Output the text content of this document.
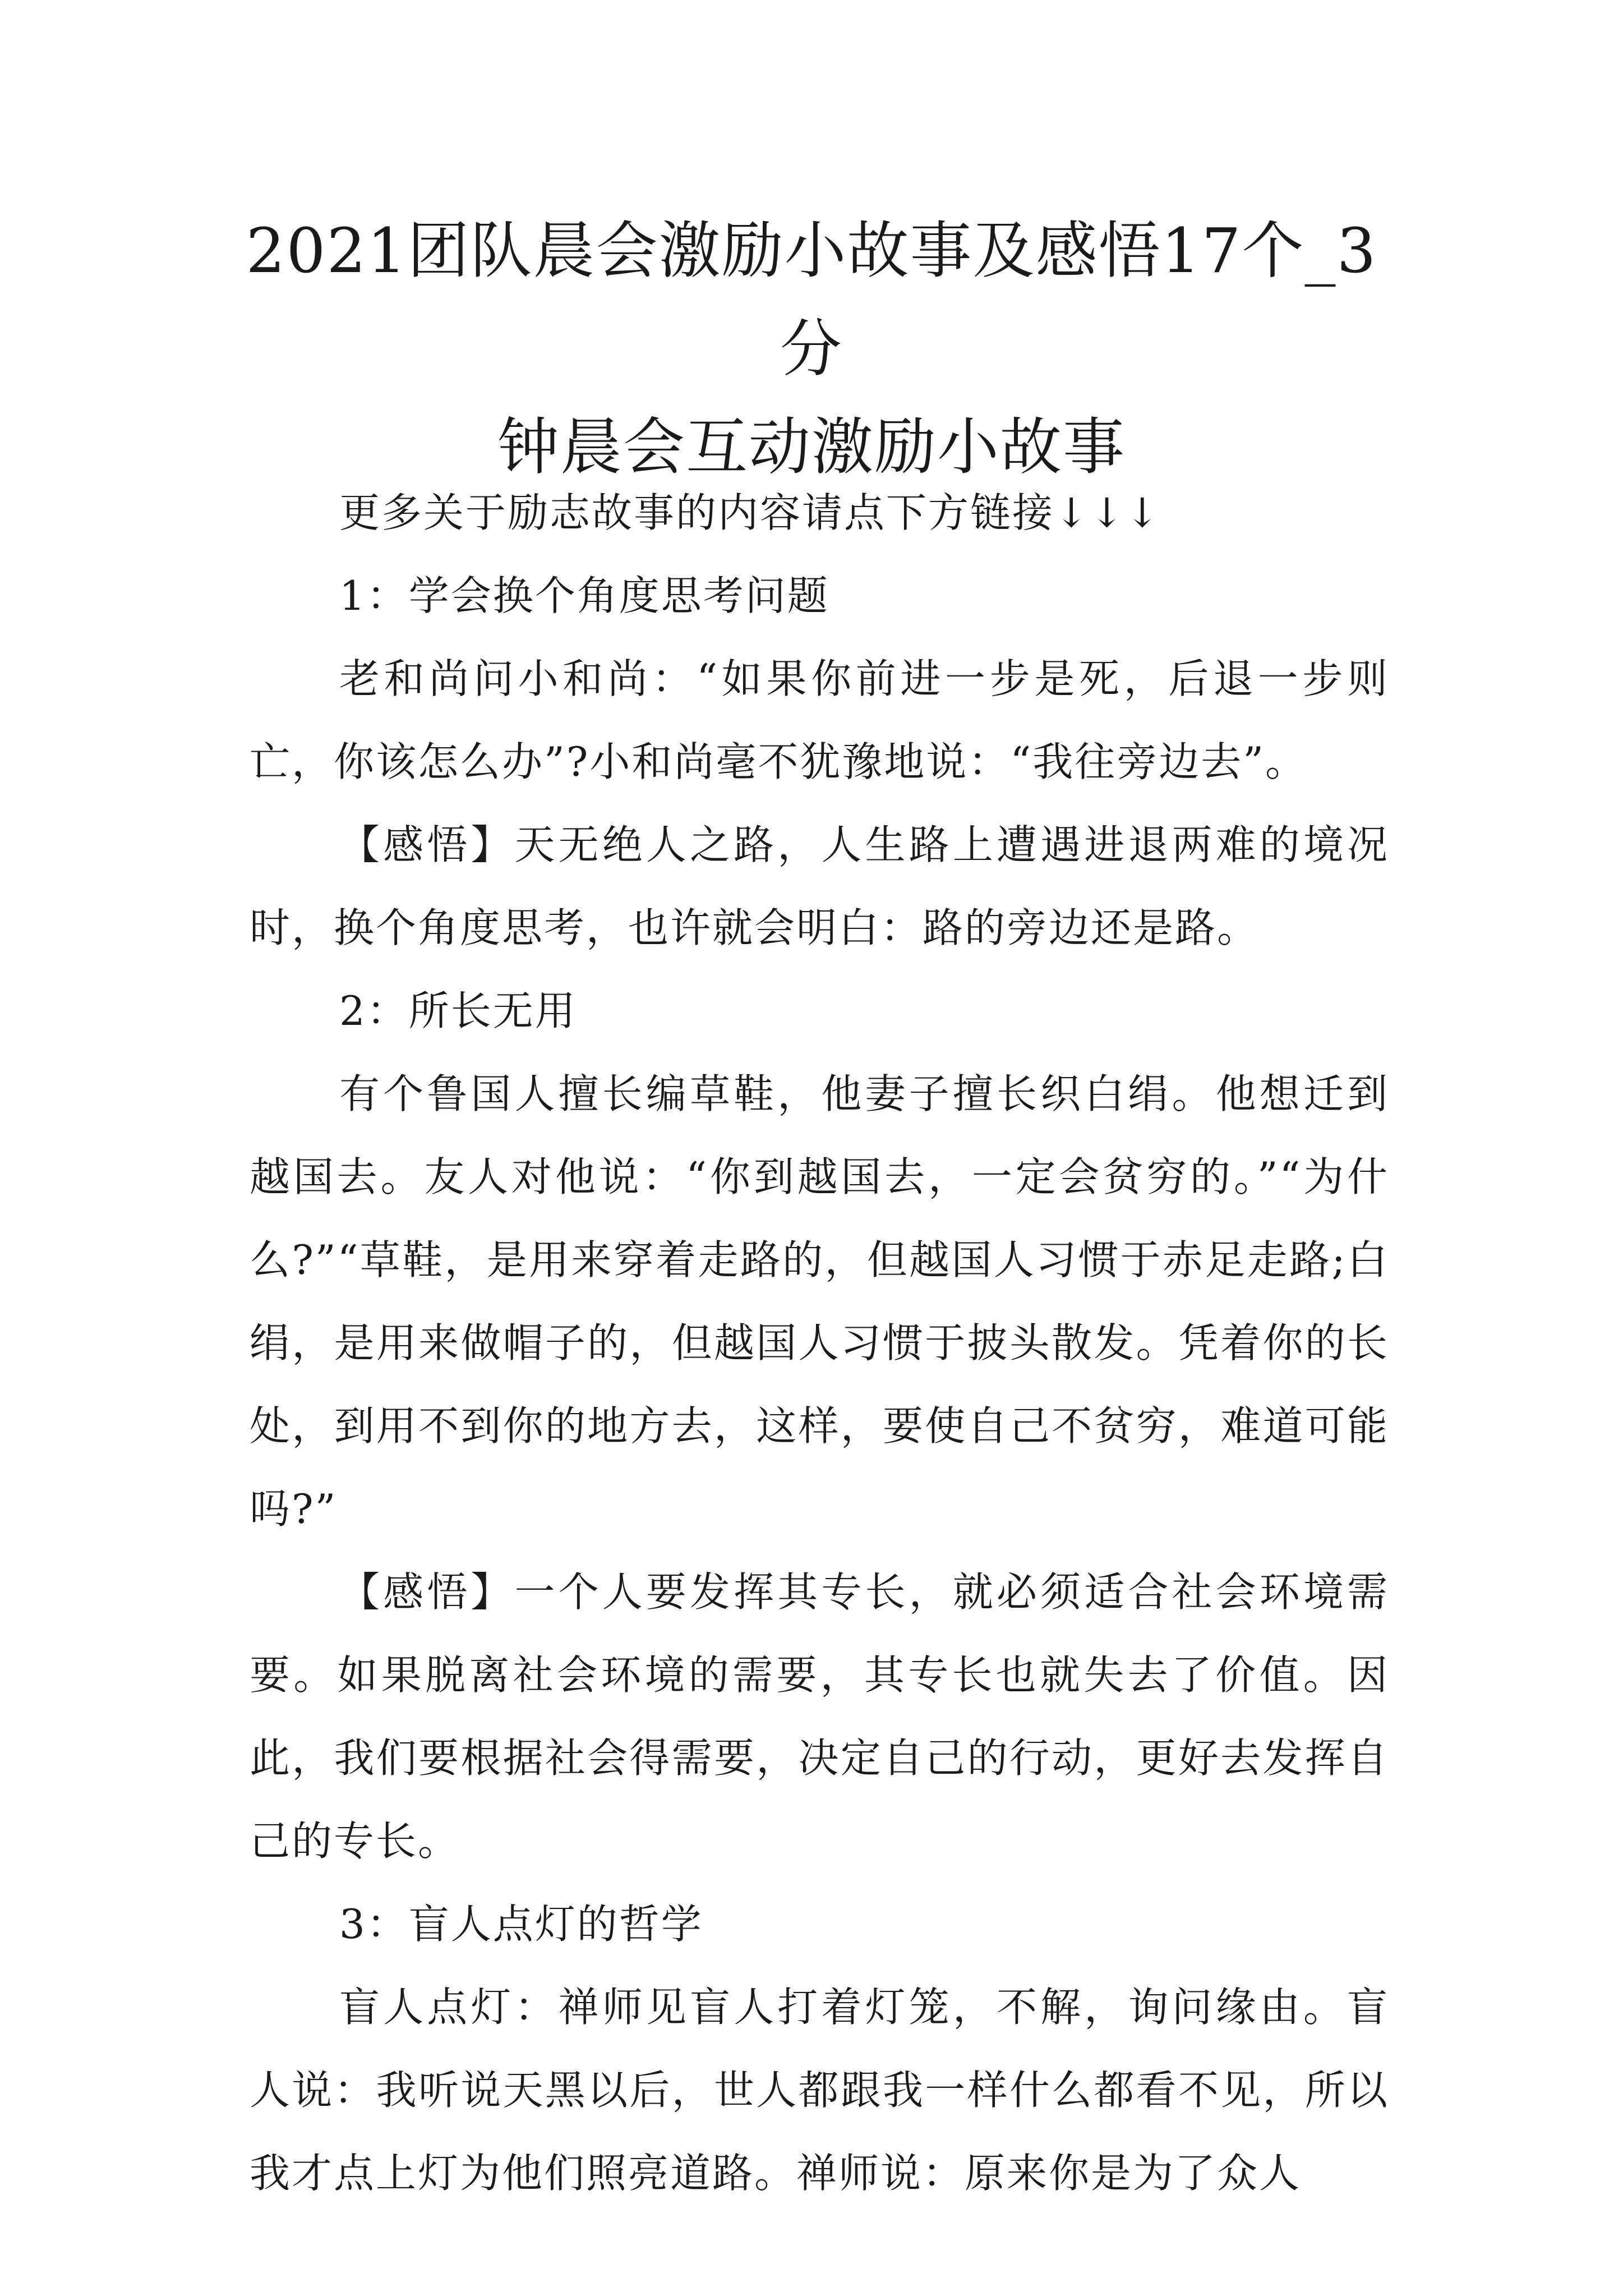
2021团队晨会激励小故事及感悟17个_3分
钟晨会互动激励小故事

更多关于励志故事的内容请点下方链接↓↓↓

1：学会换个角度思考问题

老和尚问小和尚：“如果你前进一步是死，后退一步则亡，你该怎么办”?小和尚毫不犹豫地说：“我往旁边去”。

【感悟】天无绝人之路，人生路上遭遇进退两难的境况时，换个角度思考，也许就会明白：路的旁边还是路。

2：所长无用

有个鲁国人擅长编草鞋，他妻子擅长织白绢。他想迁到越国去。友人对他说：“你到越国去，一定会贫穷的。”“为什么?”“草鞋，是用来穿着走路的，但越国人习惯于赤足走路;白绢，是用来做帽子的，但越国人习惯于披头散发。凭着你的长处，到用不到你的地方去，这样，要使自己不贫穷，难道可能吗?”

【感悟】一个人要发挥其专长，就必须适合社会环境需要。如果脱离社会环境的需要，其专长也就失去了价值。因此，我们要根据社会得需要，决定自己的行动，更好去发挥自己的专长。

3：盲人点灯的哲学

盲人点灯：禅师见盲人打着灯笼，不解，询问缘由。盲人说：我听说天黑以后，世人都跟我一样什么都看不见，所以我才点上灯为他们照亮道路。禅师说：原来你是为了众人
